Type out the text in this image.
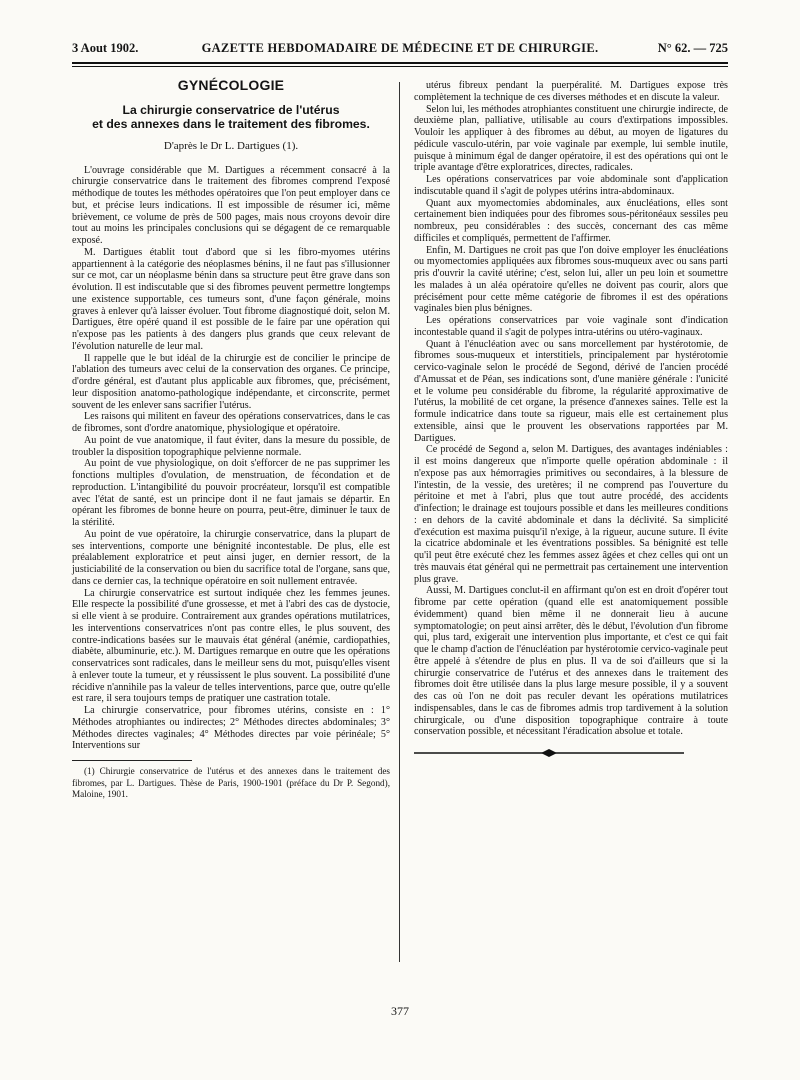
3 Aout 1902.	GAZETTE HEBDOMADAIRE DE MÉDECINE ET DE CHIRURGIE.	N° 62. — 725
GYNÉCOLOGIE
La chirurgie conservatrice de l'utérus
et des annexes dans le traitement des fibromes.
D'après le Dr L. Dartigues (1).

L'ouvrage considérable que M. Dartigues a récemment consacré à la chirurgie conservatrice dans le traitement des fibromes comprend l'exposé méthodique de toutes les méthodes opératoires que l'on peut employer dans ce but, et précise leurs indications. Il est impossible de résumer ici, même brièvement, ce volume de près de 500 pages, mais nous croyons devoir dire tout au moins les principales conclusions qui se dégagent de ce remarquable exposé.

M. Dartigues établit tout d'abord que si les fibro-myomes utérins appartiennent à la catégorie des néoplasmes bénins, il ne faut pas s'illusionner sur ce mot, car un néoplasme bénin dans sa structure peut être grave dans son évolution. Il est indiscutable que si des fibromes peuvent permettre longtemps une existence supportable, ces tumeurs sont, d'une façon générale, moins graves à enlever qu'à laisser évoluer. Tout fibrome diagnostiqué doit, selon M. Dartigues, être opéré quand il est possible de le faire par une opération qui n'expose pas les patients à des dangers plus grands que ceux relevant de l'évolution naturelle de leur mal.

Il rappelle que le but idéal de la chirurgie est de concilier le principe de l'ablation des tumeurs avec celui de la conservation des organes. Ce principe, d'ordre général, est d'autant plus applicable aux fibromes, que, précisément, leur disposition anatomo-pathologique indépendante, et circonscrite, permet souvent de les enlever sans sacrifier l'utérus.

Les raisons qui militent en faveur des opérations conservatrices, dans le cas de fibromes, sont d'ordre anatomique, physiologique et opératoire.

Au point de vue anatomique, il faut éviter, dans la mesure du possible, de troubler la disposition topographique pelvienne normale.

Au point de vue physiologique, on doit s'efforcer de ne pas supprimer les fonctions multiples d'ovulation, de menstruation, de fécondation et de reproduction. L'intangibilité du pouvoir procréateur, lorsqu'il est compatible avec l'état de santé, est un principe dont il ne faut jamais se départir. En opérant les fibromes de bonne heure on pourra, peut-être, diminuer le taux de la stérilité.

Au point de vue opératoire, la chirurgie conservatrice, dans la plupart de ses interventions, comporte une bénignité incontestable. De plus, elle est préalablement exploratrice et peut ainsi juger, en dernier ressort, de la justiciabilité de la conservation ou bien du sacrifice total de l'organe, sans que, dans ce dernier cas, la technique opératoire en soit nullement entravée.

La chirurgie conservatrice est surtout indiquée chez les femmes jeunes. Elle respecte la possibilité d'une grossesse, et met à l'abri des cas de dystocie, si elle vient à se produire. Contrairement aux grandes opérations mutilatrices, les interventions conservatrices n'ont pas contre elles, le plus souvent, des contre-indications basées sur le mauvais état général (anémie, cardiopathies, diabète, albuminurie, etc.). M. Dartigues remarque en outre que les opérations conservatrices sont radicales, dans le meilleur sens du mot, puisqu'elles visent à enlever toute la tumeur, et y réussissent le plus souvent. La possibilité d'une récidive n'annihile pas la valeur de telles interventions, parce que, outre qu'elle est rare, il sera toujours temps de pratiquer une castration totale.

La chirurgie conservatrice, pour fibromes utérins, consiste en : 1° Méthodes atrophiantes ou indirectes; 2° Méthodes directes abdominales; 3° Méthodes directes vaginales; 4° Méthodes directes par voie périnéale; 5° Interventions sur

(1) Chirurgie conservatrice de l'utérus et des annexes dans le traitement des fibromes, par L. Dartigues. Thèse de Paris, 1900-1901 (préface du Dr P. Segond), Maloine, 1901.

utérus fibreux pendant la puerpéralité. M. Dartigues expose très complètement la technique de ces diverses méthodes et en discute la valeur.

Selon lui, les méthodes atrophiantes constituent une chirurgie indirecte, de deuxième plan, palliative, utilisable au cours d'extirpations impossibles. Vouloir les appliquer à des fibromes au début, au moyen de ligatures du pédicule vasculo-utérin, par voie vaginale par exemple, lui semble inutile, puisque à minimum égal de danger opératoire, il est des opérations qui ont le triple avantage d'être exploratrices, directes, radicales.

Les opérations conservatrices par voie abdominale sont d'application indiscutable quand il s'agit de polypes utérins intra-abdominaux.

Quant aux myomectomies abdominales, aux énucléations, elles sont certainement bien indiquées pour des fibromes sous-péritonéaux sessiles peu nombreux, peu considérables : des succès, concernant des cas même difficiles et compliqués, permettent de l'affirmer.

Enfin, M. Dartigues ne croit pas que l'on doive employer les énucléations ou myomectomies appliquées aux fibromes sous-muqueux avec ou sans parti pris d'ouvrir la cavité utérine; c'est, selon lui, aller un peu loin et soumettre les malades à un aléa opératoire qu'elles ne doivent pas courir, alors que précisément pour cette même catégorie de fibromes il est des opérations vaginales bien plus bénignes.

Les opérations conservatrices par voie vaginale sont d'indication incontestable quand il s'agit de polypes intra-utérins ou utéro-vaginaux.

Quant à l'énucléation avec ou sans morcellement par hystérotomie, de fibromes sous-muqueux et interstitiels, principalement par hystérotomie cervico-vaginale selon le procédé de Segond, dérivé de l'ancien procédé d'Amussat et de Péan, ses indications sont, d'une manière générale : l'unicité et le volume peu considérable du fibrome, la régularité approximative de l'utérus, la mobilité de cet organe, la présence d'annexes saines. Telle est la formule indicatrice dans toute sa rigueur, mais elle est certainement plus extensible, ainsi que le prouvent les observations rapportées par M. Dartigues.

Ce procédé de Segond a, selon M. Dartigues, des avantages indéniables : il est moins dangereux que n'importe quelle opération abdominale : il n'expose pas aux hémorragies primitives ou secondaires, à la blessure de l'intestin, de la vessie, des uretères; il ne comprend pas l'ouverture du péritoine et met à l'abri, plus que tout autre procédé, des accidents d'infection; le drainage est toujours possible et dans les meilleures conditions : en dehors de la cavité abdominale et dans la déclivité. Sa simplicité d'exécution est maxima puisqu'il n'exige, à la rigueur, aucune suture. Il évite la cicatrice abdominale et les éventrations possibles. Sa bénignité est telle qu'il peut être exécuté chez les femmes assez âgées et chez celles qui ont un très mauvais état général qui ne permettrait pas certainement une intervention plus grave.

Aussi, M. Dartigues conclut-il en affirmant qu'on est en droit d'opérer tout fibrome par cette opération (quand elle est anatomiquement possible évidemment) quand bien même il ne donnerait lieu à aucune symptomatologie; on peut ainsi arrêter, dès le début, l'évolution d'un fibrome qui, plus tard, exigerait une intervention plus importante, et c'est ce qui fait que le champ d'action de l'énucléation par hystérotomie cervico-vaginale peut être appelé à s'étendre de plus en plus. Il va de soi d'ailleurs que si la chirurgie conservatrice de l'utérus et des annexes dans le traitement des fibromes doit être utilisée dans la plus large mesure possible, il y a souvent des cas où l'on ne doit pas reculer devant les opérations mutilatrices indispensables, dans le cas de fibromes admis trop tardivement à la solution chirurgicale, ou d'une disposition topographique contraire à toute conservation possible, et nécessitant l'éradication absolue et totale.

377
